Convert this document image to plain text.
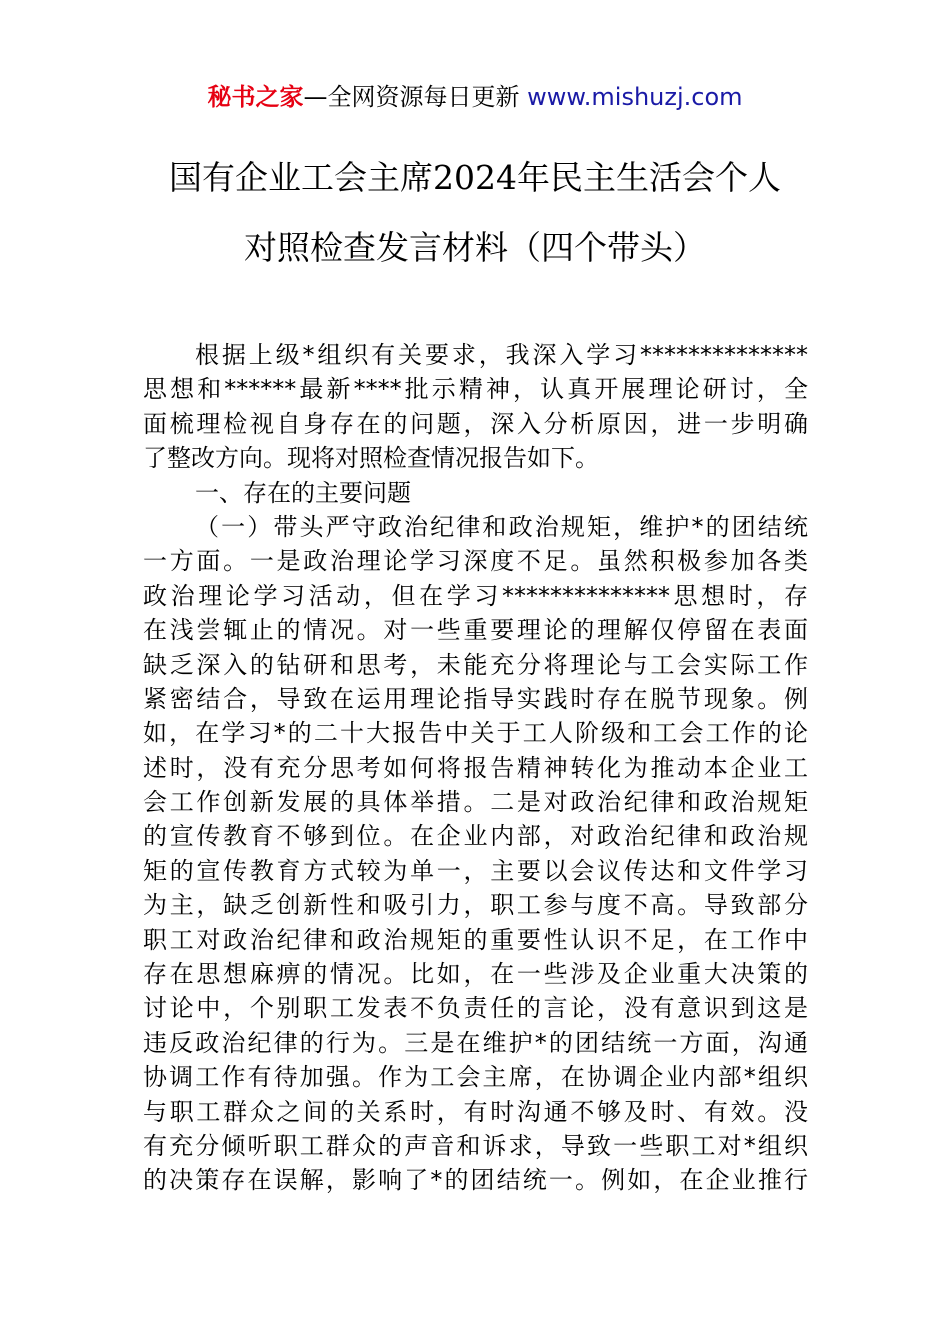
秘书之家—全网资源每日更新 www.mishuzj.com
国有企业工会主席2024年民主生活会个人
对照检查发言材料（四个带头）

根据上级*组织有关要求，我深入学习**************

思想和******最新****批示精神，认真开展理论研讨，全

面梳理检视自身存在的问题，深入分析原因，进一步明确

了整改方向。现将对照检查情况报告如下。

一、存在的主要问题

（一）带头严守政治纪律和政治规矩，维护*的团结统

一方面。一是政治理论学习深度不足。虽然积极参加各类

政治理论学习活动，但在学习**************思想时，存

在浅尝辄止的情况。对一些重要理论的理解仅停留在表面

缺乏深入的钻研和思考，未能充分将理论与工会实际工作

紧密结合，导致在运用理论指导实践时存在脱节现象。例

如，在学习*的二十大报告中关于工人阶级和工会工作的论

述时，没有充分思考如何将报告精神转化为推动本企业工

会工作创新发展的具体举措。二是对政治纪律和政治规矩

的宣传教育不够到位。在企业内部，对政治纪律和政治规

矩的宣传教育方式较为单一，主要以会议传达和文件学习

为主，缺乏创新性和吸引力，职工参与度不高。导致部分

职工对政治纪律和政治规矩的重要性认识不足，在工作中

存在思想麻痹的情况。比如，在一些涉及企业重大决策的

讨论中，个别职工发表不负责任的言论，没有意识到这是

违反政治纪律的行为。三是在维护*的团结统一方面，沟通

协调工作有待加强。作为工会主席，在协调企业内部*组织

与职工群众之间的关系时，有时沟通不够及时、有效。没

有充分倾听职工群众的声音和诉求，导致一些职工对*组织

的决策存在误解，影响了*的团结统一。例如，在企业推行
